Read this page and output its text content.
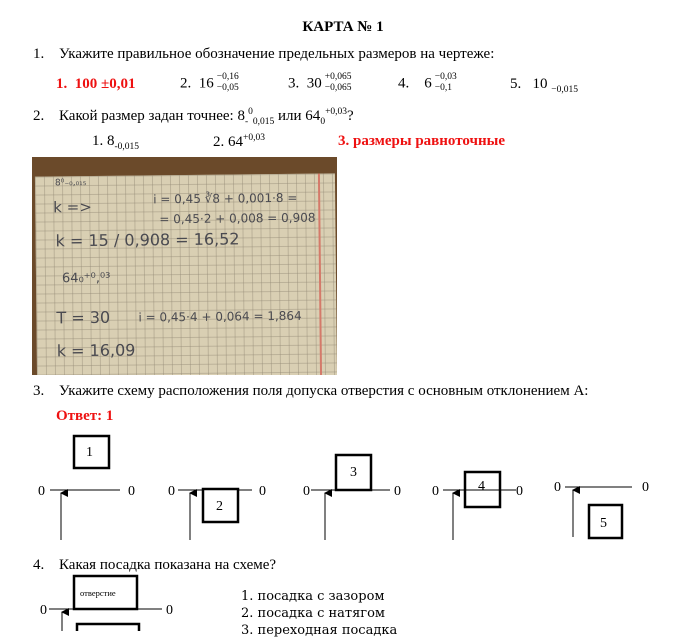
КАРТА № 1
1. Укажите правильное обозначение предельных размеров на чертеже:
1. 100 ±0,01	2. 16 −0,16
−0,05	3. 30 +0,065
−0,065	4. 6 −0,03
−0,1	5. 10 $_{-0,015}$
2. Какой размер задан точнее: $8_-^0_{0,015}$ или $64_0^{+0,03}$?
1. $8_{-0,015}$	2. $64^{+0,03}$	3. размеры равноточные
8⁰₋₀,₀₁₅
k =>	i = 0,45 ∛8 + 0,001·8 =
= 0,45·2 + 0,008 = 0,908
k = 15 / 0,908 = 16,52
64₀⁺⁰,⁰³
T = 30 i = 0,45·4 + 0,064 = 1,864
k = 16,09
3. Укажите схему расположения поля допуска отверстия с основным отклонением А:
Ответ: 1
0	0
1
0	0
2
0	0
3
0	0
4	0	0
5
0	0
отверстие
4. Какая посадка показана на схеме?
1. посадка с зазором
2. посадка с натягом
3. переходная посадка
